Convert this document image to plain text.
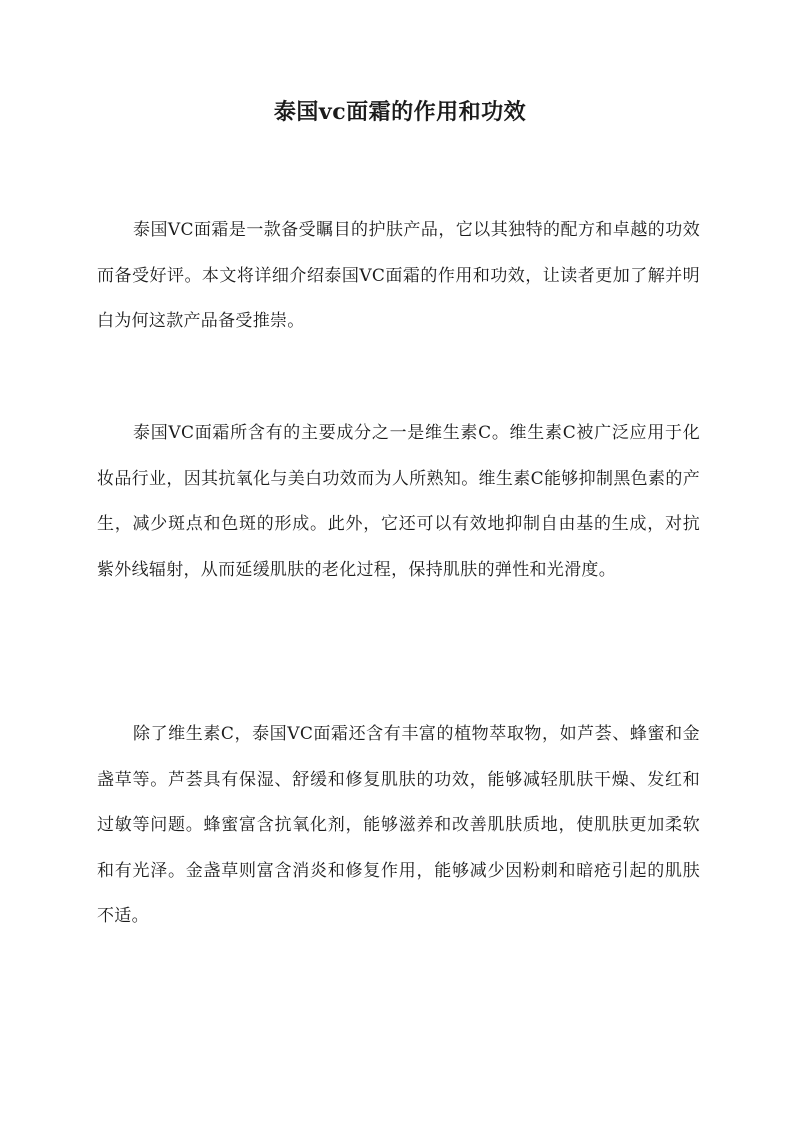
泰国vc面霜的作用和功效

泰国VC面霜是一款备受瞩目的护肤产品，它以其独特的配方和卓越的功效而备受好评。本文将详细介绍泰国VC面霜的作用和功效，让读者更加了解并明白为何这款产品备受推崇。

泰国VC面霜所含有的主要成分之一是维生素C。维生素C被广泛应用于化妆品行业，因其抗氧化与美白功效而为人所熟知。维生素C能够抑制黑色素的产生，减少斑点和色斑的形成。此外，它还可以有效地抑制自由基的生成，对抗紫外线辐射，从而延缓肌肤的老化过程，保持肌肤的弹性和光滑度。

除了维生素C，泰国VC面霜还含有丰富的植物萃取物，如芦荟、蜂蜜和金盏草等。芦荟具有保湿、舒缓和修复肌肤的功效，能够减轻肌肤干燥、发红和过敏等问题。蜂蜜富含抗氧化剂，能够滋养和改善肌肤质地，使肌肤更加柔软和有光泽。金盏草则富含消炎和修复作用，能够减少因粉刺和暗疮引起的肌肤不适。
